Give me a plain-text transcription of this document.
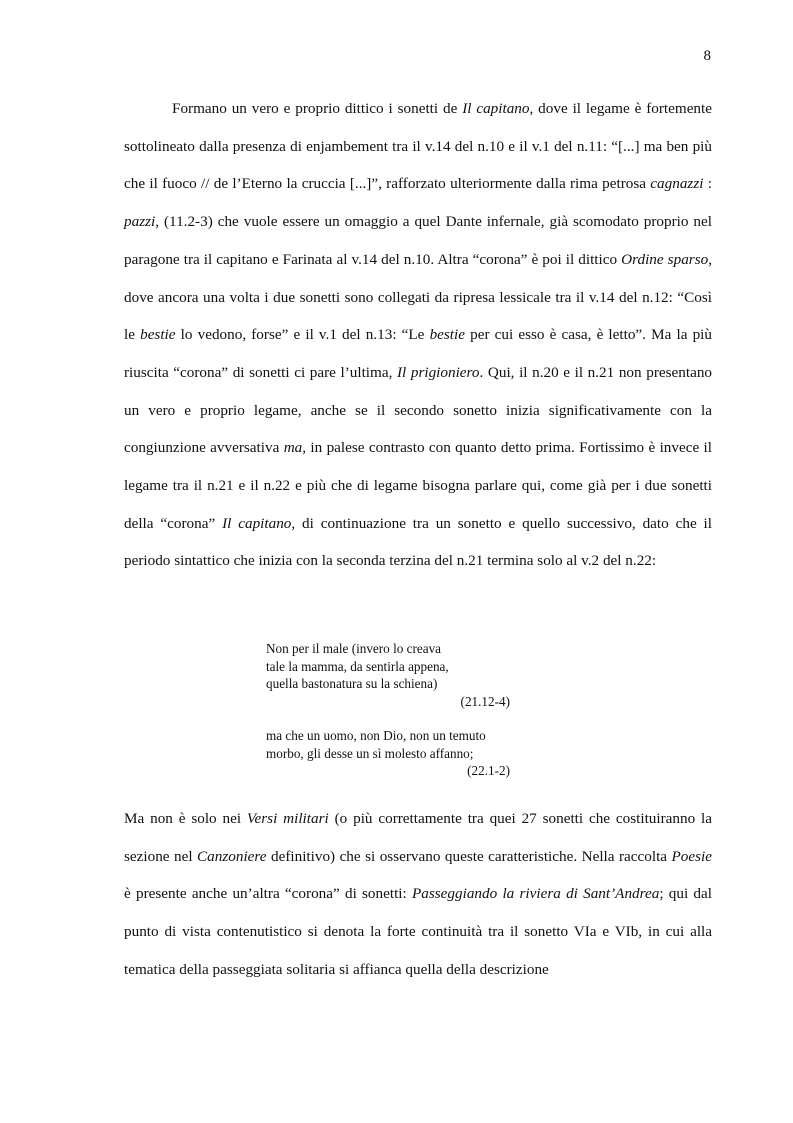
8

Formano un vero e proprio dittico i sonetti de Il capitano, dove il legame è fortemente sottolineato dalla presenza di enjambement tra il v.14 del n.10 e il v.1 del n.11: “[...] ma ben più che il fuoco // de l’Eterno la cruccia [...]”, rafforzato ulteriormente dalla rima petrosa cagnazzi : pazzi, (11.2-3) che vuole essere un omaggio a quel Dante infernale, già scomodato proprio nel paragone tra il capitano e Farinata al v.14 del n.10. Altra “corona” è poi il dittico Ordine sparso, dove ancora una volta i due sonetti sono collegati da ripresa lessicale tra il v.14 del n.12: “Così le bestie lo vedono, forse” e il v.1 del n.13: “Le bestie per cui esso è casa, è letto”. Ma la più riuscita “corona” di sonetti ci pare l’ultima, Il prigioniero. Qui, il n.20 e il n.21 non presentano un vero e proprio legame, anche se il secondo sonetto inizia significativamente con la congiunzione avversativa ma, in palese contrasto con quanto detto prima. Fortissimo è invece il legame tra il n.21 e il n.22 e più che di legame bisogna parlare qui, come già per i due sonetti della “corona” Il capitano, di continuazione tra un sonetto e quello successivo, dato che il periodo sintattico che inizia con la seconda terzina del n.21 termina solo al v.2 del n.22:

Non per il male (invero lo creava
tale la mamma, da sentirla appena,
quella bastonatura su la schiena)
(21.12-4)
ma che un uomo, non Dio, non un temuto
morbo, gli desse un sì molesto affanno;
(22.1-2)

Ma non è solo nei Versi militari (o più correttamente tra quei 27 sonetti che costituiranno la sezione nel Canzoniere definitivo) che si osservano queste caratteristiche. Nella raccolta Poesie è presente anche un’altra “corona” di sonetti: Passeggiando la riviera di Sant’Andrea; qui dal punto di vista contenutistico si denota la forte continuità tra il sonetto VIa e VIb, in cui alla tematica della passeggiata solitaria si affianca quella della descrizione
